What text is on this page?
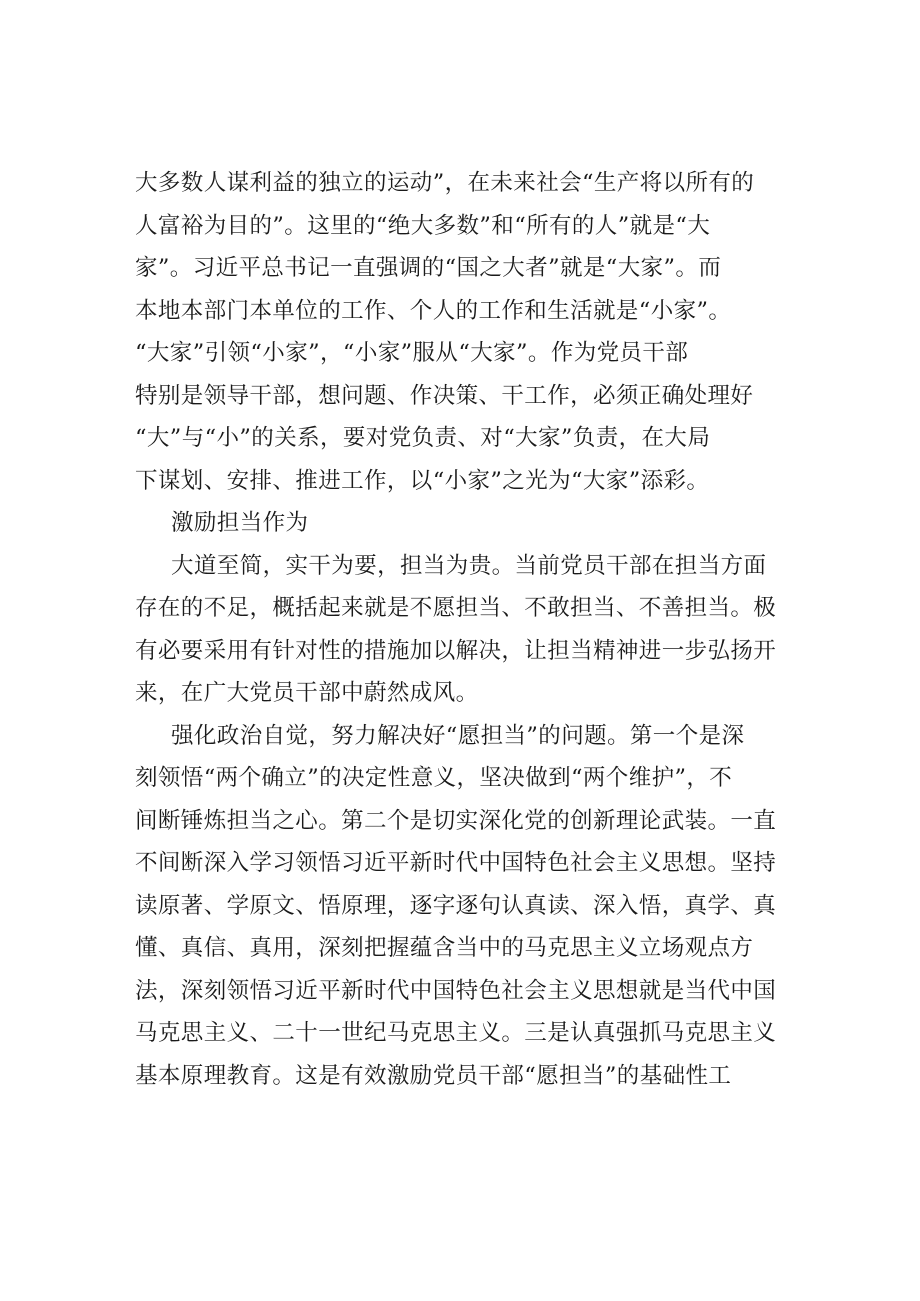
大多数人谋利益的独立的运动”，在未来社会“生产将以所有的
人富裕为目的”。这里的“绝大多数”和“所有的人”就是“大
家”。习近平总书记一直强调的“国之大者”就是“大家”。而
本地本部门本单位的工作、个人的工作和生活就是“小家”。
“大家”引领“小家”，“小家”服从“大家”。作为党员干部
特别是领导干部，想问题、作决策、干工作，必须正确处理好
“大”与“小”的关系，要对党负责、对“大家”负责，在大局
下谋划、安排、推进工作，以“小家”之光为“大家”添彩。
激励担当作为
大道至简，实干为要，担当为贵。当前党员干部在担当方面
存在的不足，概括起来就是不愿担当、不敢担当、不善担当。极
有必要采用有针对性的措施加以解决，让担当精神进一步弘扬开
来，在广大党员干部中蔚然成风。
强化政治自觉，努力解决好“愿担当”的问题。第一个是深
刻领悟“两个确立”的决定性意义，坚决做到“两个维护”，不
间断锤炼担当之心。第二个是切实深化党的创新理论武装。一直
不间断深入学习领悟习近平新时代中国特色社会主义思想。坚持
读原著、学原文、悟原理，逐字逐句认真读、深入悟，真学、真
懂、真信、真用，深刻把握蕴含当中的马克思主义立场观点方
法，深刻领悟习近平新时代中国特色社会主义思想就是当代中国
马克思主义、二十一世纪马克思主义。三是认真强抓马克思主义
基本原理教育。这是有效激励党员干部“愿担当”的基础性工
